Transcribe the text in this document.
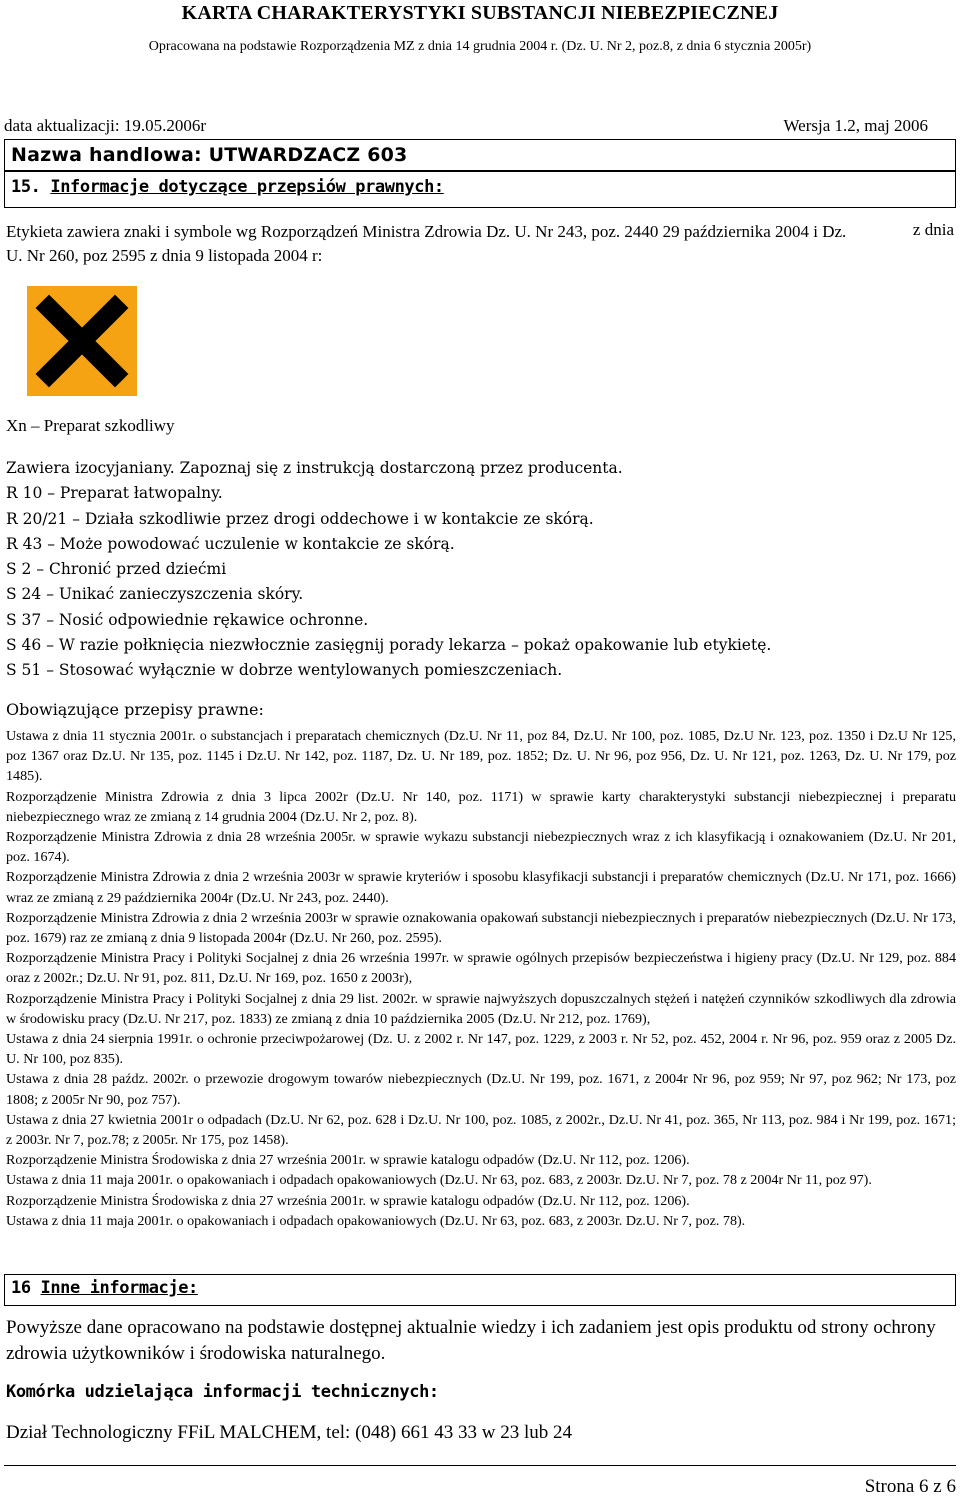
KARTA CHARAKTERYSTYKI SUBSTANCJI NIEBEZPIECZNEJ
Opracowana na podstawie Rozporządzenia MZ z dnia 14 grudnia 2004 r. (Dz. U. Nr 2, poz.8, z dnia 6 stycznia 2005r)
data aktualizacji: 19.05.2006r	Wersja 1.2, maj 2006
Nazwa handlowa: UTWARDZACZ 603
15. Informacje dotyczące przepsiów prawnych:
Etykieta zawiera znaki i symbole wg Rozporządzeń Ministra Zdrowia Dz. U. Nr 243, poz. 2440 29 października 2004 i Dz. U. Nr 260, poz 2595 z dnia 9 listopada 2004 r:
z dnia
Xn – Preparat szkodliwy
Zawiera izocyjaniany. Zapoznaj się z instrukcją dostarczoną przez producenta.
R 10 – Preparat łatwopalny.
R 20/21 – Działa szkodliwie przez drogi oddechowe i w kontakcie ze skórą.
R 43 – Może powodować uczulenie w kontakcie ze skórą.
S 2 – Chronić przed dziećmi
S 24 – Unikać zanieczyszczenia skóry.
S 37 – Nosić odpowiednie rękawice ochronne.
S 46 – W razie połknięcia niezwłocznie zasięgnij porady lekarza – pokaż opakowanie lub etykietę.
S 51 – Stosować wyłącznie w dobrze wentylowanych pomieszczeniach.
Obowiązujące przepisy prawne:

Ustawa z dnia 11 stycznia 2001r. o substancjach i preparatach chemicznych (Dz.U. Nr 11, poz 84, Dz.U. Nr 100, poz. 1085, Dz.U Nr. 123, poz. 1350 i Dz.U Nr 125, poz 1367 oraz Dz.U. Nr 135, poz. 1145 i Dz.U. Nr 142, poz. 1187, Dz. U. Nr 189, poz. 1852; Dz. U. Nr 96, poz 956, Dz. U. Nr 121, poz. 1263, Dz. U. Nr 179, poz 1485).

Rozporządzenie Ministra Zdrowia z dnia 3 lipca 2002r (Dz.U. Nr 140, poz. 1171) w sprawie karty charakterystyki substancji niebezpiecznej i preparatu niebezpiecznego wraz ze zmianą z 14 grudnia 2004 (Dz.U. Nr 2, poz. 8).

Rozporządzenie Ministra Zdrowia z dnia 28 września 2005r. w sprawie wykazu substancji niebezpiecznych wraz z ich klasyfikacją i oznakowaniem (Dz.U. Nr 201, poz. 1674).

Rozporządzenie Ministra Zdrowia z dnia 2 września 2003r w sprawie kryteriów i sposobu klasyfikacji substancji i preparatów chemicznych (Dz.U. Nr 171, poz. 1666) wraz ze zmianą z 29 października 2004r (Dz.U. Nr 243, poz. 2440).

Rozporządzenie Ministra Zdrowia z dnia 2 września 2003r w sprawie oznakowania opakowań substancji niebezpiecznych i preparatów niebezpiecznych (Dz.U. Nr 173, poz. 1679) raz ze zmianą z dnia 9 listopada 2004r (Dz.U. Nr 260, poz. 2595).

Rozporządzenie Ministra Pracy i Polityki Socjalnej z dnia 26 września 1997r. w sprawie ogólnych przepisów bezpieczeństwa i higieny pracy (Dz.U. Nr 129, poz. 884 oraz z 2002r.; Dz.U. Nr 91, poz. 811, Dz.U. Nr 169, poz. 1650 z 2003r),

Rozporządzenie Ministra Pracy i Polityki Socjalnej z dnia 29 list. 2002r. w sprawie najwyższych dopuszczalnych stężeń i natężeń czynników szkodliwych dla zdrowia w środowisku pracy (Dz.U. Nr 217, poz. 1833) ze zmianą z dnia 10 października 2005 (Dz.U. Nr 212, poz. 1769),

Ustawa z dnia 24 sierpnia 1991r. o ochronie przeciwpożarowej (Dz. U. z 2002 r. Nr 147, poz. 1229, z 2003 r. Nr 52, poz. 452, 2004 r. Nr 96, poz. 959 oraz z 2005 Dz. U. Nr 100, poz 835).

Ustawa z dnia 28 paźdz. 2002r. o przewozie drogowym towarów niebezpiecznych (Dz.U. Nr 199, poz. 1671, z 2004r Nr 96, poz 959; Nr 97, poz 962; Nr 173, poz 1808; z 2005r Nr 90, poz 757).

Ustawa z dnia 27 kwietnia 2001r o odpadach (Dz.U. Nr 62, poz. 628 i Dz.U. Nr 100, poz. 1085, z 2002r., Dz.U. Nr 41, poz. 365, Nr 113, poz. 984 i Nr 199, poz. 1671; z 2003r. Nr 7, poz.78; z 2005r. Nr 175, poz 1458).

Rozporządzenie Ministra Środowiska z dnia 27 września 2001r. w sprawie katalogu odpadów (Dz.U. Nr 112, poz. 1206).

Ustawa z dnia 11 maja 2001r. o opakowaniach i odpadach opakowaniowych (Dz.U. Nr 63, poz. 683, z 2003r. Dz.U. Nr 7, poz. 78 z 2004r Nr 11, poz 97).

Rozporządzenie Ministra Środowiska z dnia 27 września 2001r. w sprawie katalogu odpadów (Dz.U. Nr 112, poz. 1206).

Ustawa z dnia 11 maja 2001r. o opakowaniach i odpadach opakowaniowych (Dz.U. Nr 63, poz. 683, z 2003r. Dz.U. Nr 7, poz. 78).

16 Inne informacje:
Powyższe dane opracowano na podstawie dostępnej aktualnie wiedzy i ich zadaniem jest opis produktu od strony ochrony zdrowia użytkowników i środowiska naturalnego.
Komórka udzielająca informacji technicznych:
Dział Technologiczny FFiL MALCHEM, tel: (048) 661 43 33 w 23 lub 24
Strona 6 z 6
